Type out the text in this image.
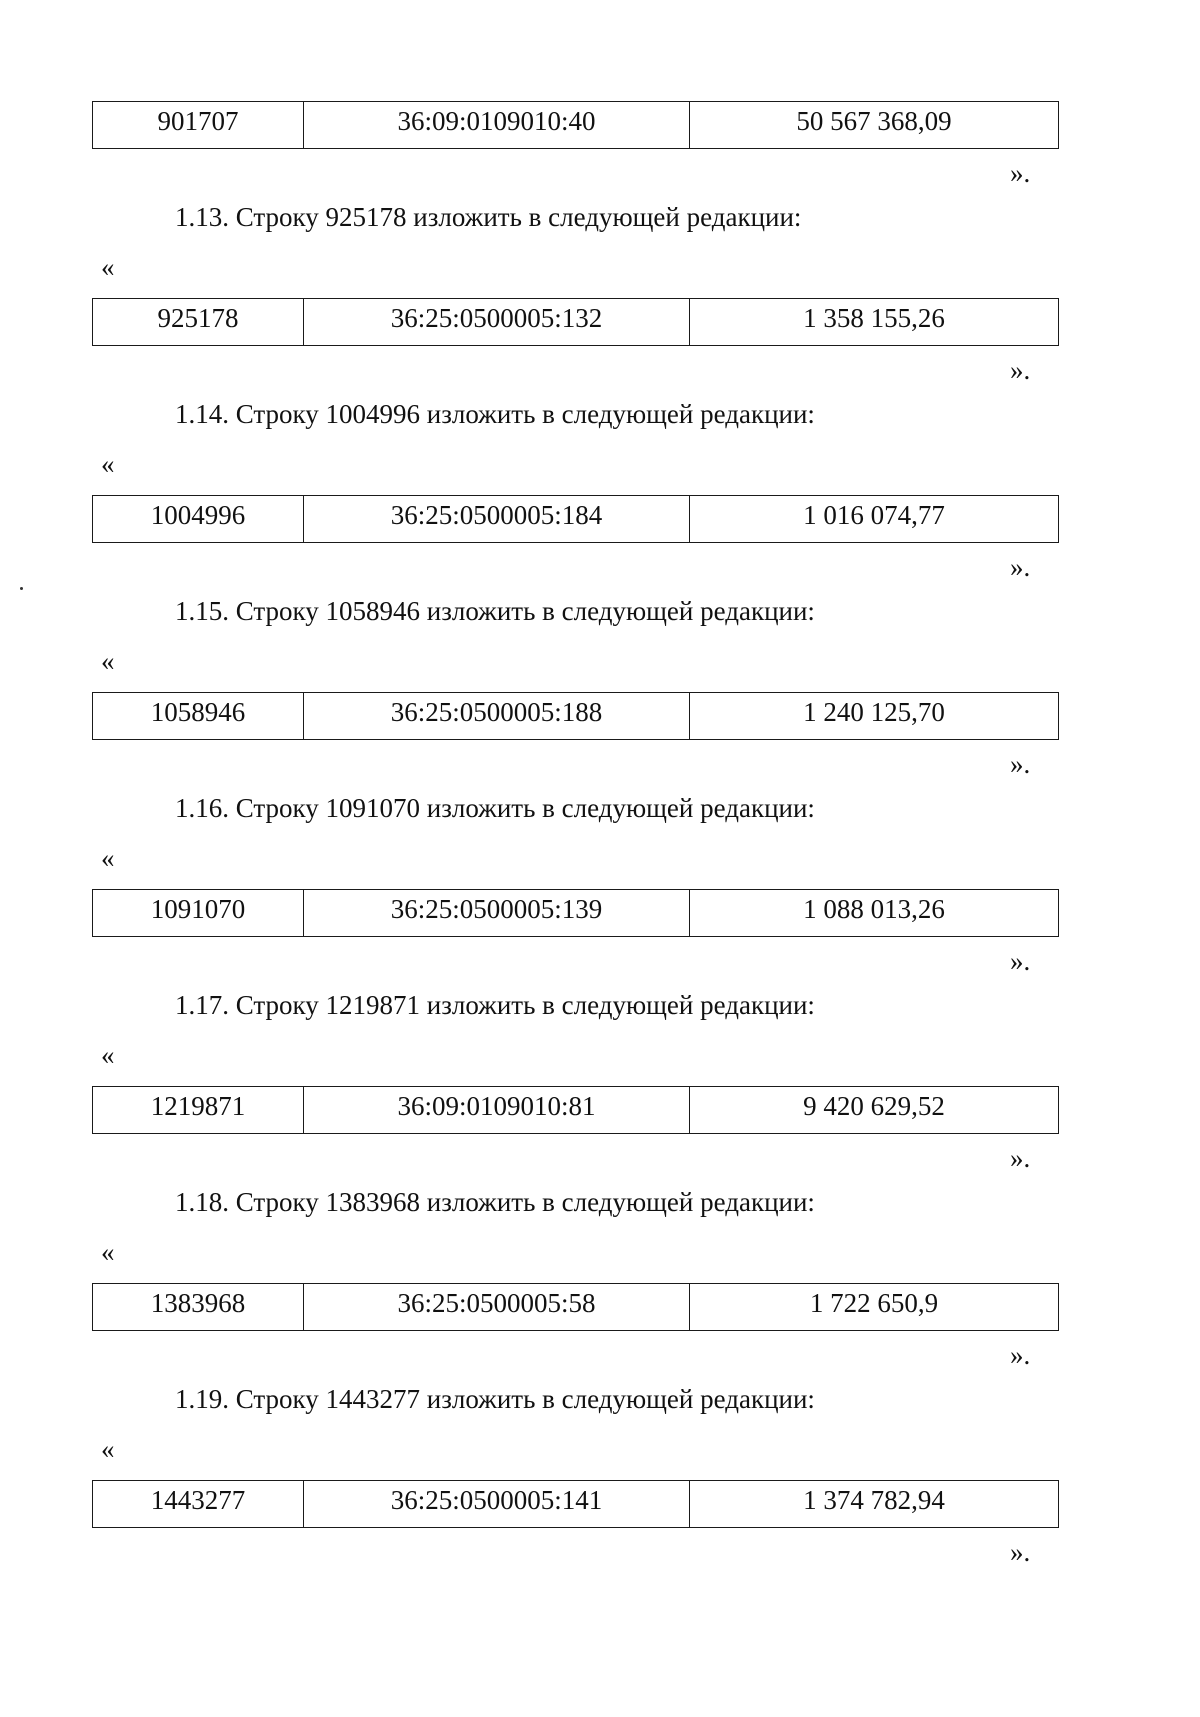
901707	36:09:0109010:40	50 567 368,09
».
1.13. Строку 925178 изложить в следующей редакции:
«
925178	36:25:0500005:132	1 358 155,26
».
1.14. Строку 1004996 изложить в следующей редакции:
«
1004996	36:25:0500005:184	1 016 074,77
».
1.15. Строку 1058946 изложить в следующей редакции:
«
1058946	36:25:0500005:188	1 240 125,70
».
1.16. Строку 1091070 изложить в следующей редакции:
«
1091070	36:25:0500005:139	1 088 013,26
».
1.17. Строку 1219871 изложить в следующей редакции:
«
1219871	36:09:0109010:81	9 420 629,52
».
1.18. Строку 1383968 изложить в следующей редакции:
«
1383968	36:25:0500005:58	1 722 650,9
».
1.19. Строку 1443277 изложить в следующей редакции:
«
1443277	36:25:0500005:141	1 374 782,94
».
